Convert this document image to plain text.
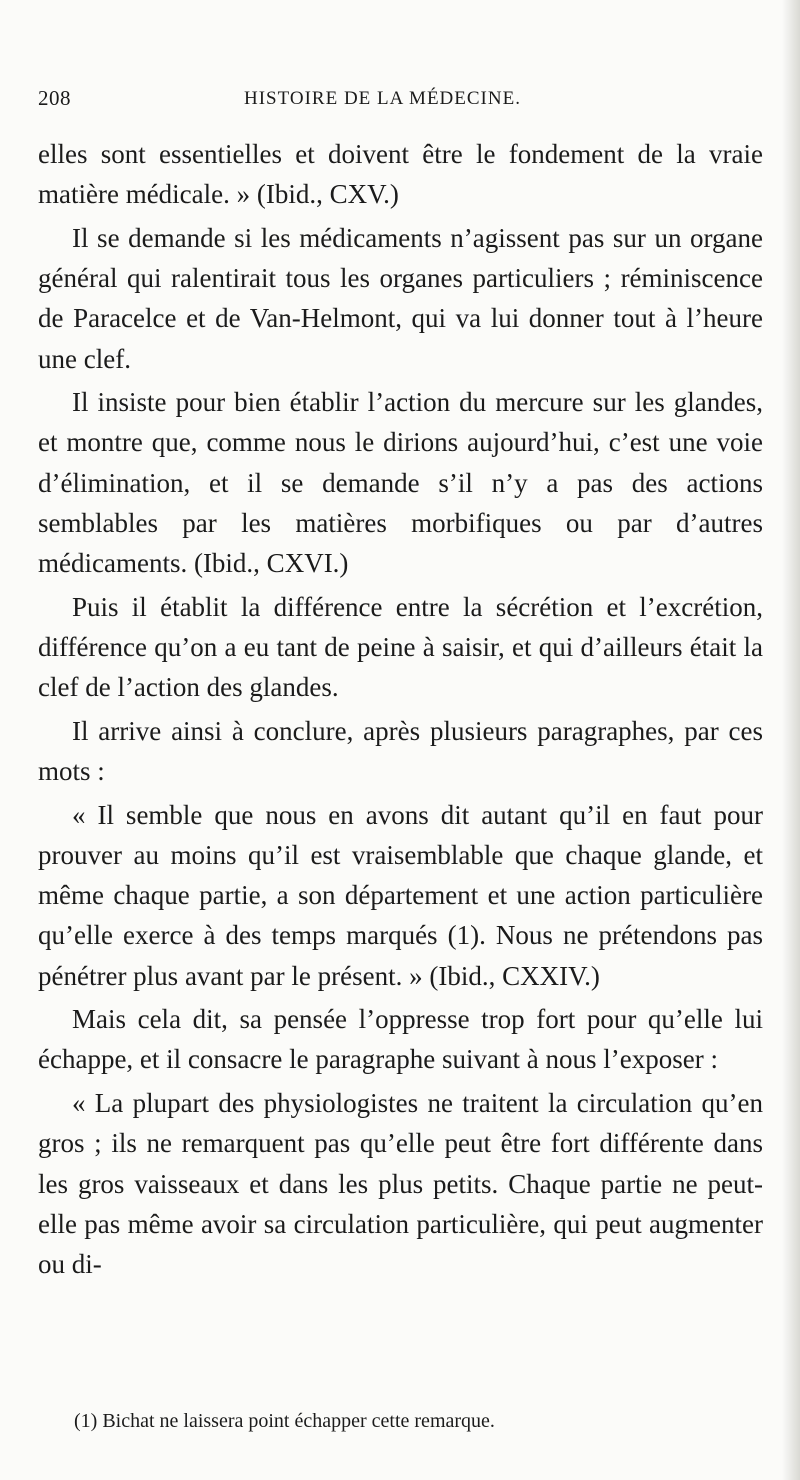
208	HISTOIRE DE LA MÉDECINE.

elles sont essentielles et doivent être le fondement de la vraie matière médicale. » (Ibid., CXV.)

Il se demande si les médicaments n’agissent pas sur un organe général qui ralentirait tous les organes particuliers ; réminiscence de Paracelce et de Van-Helmont, qui va lui donner tout à l’heure une clef.

Il insiste pour bien établir l’action du mercure sur les glandes, et montre que, comme nous le dirions aujourd’hui, c’est une voie d’élimination, et il se demande s’il n’y a pas des actions semblables par les matières morbifiques ou par d’autres médicaments. (Ibid., CXVI.)

Puis il établit la différence entre la sécrétion et l’excrétion, différence qu’on a eu tant de peine à saisir, et qui d’ailleurs était la clef de l’action des glandes.

Il arrive ainsi à conclure, après plusieurs paragraphes, par ces mots :

« Il semble que nous en avons dit autant qu’il en faut pour prouver au moins qu’il est vraisemblable que chaque glande, et même chaque partie, a son département et une action particulière qu’elle exerce à des temps marqués (1). Nous ne prétendons pas pénétrer plus avant par le présent. » (Ibid., CXXIV.)

Mais cela dit, sa pensée l’oppresse trop fort pour qu’elle lui échappe, et il consacre le paragraphe suivant à nous l’exposer :

« La plupart des physiologistes ne traitent la circulation qu’en gros ; ils ne remarquent pas qu’elle peut être fort différente dans les gros vaisseaux et dans les plus petits. Chaque partie ne peut-elle pas même avoir sa circulation particulière, qui peut augmenter ou di-

(1) Bichat ne laissera point échapper cette remarque.
